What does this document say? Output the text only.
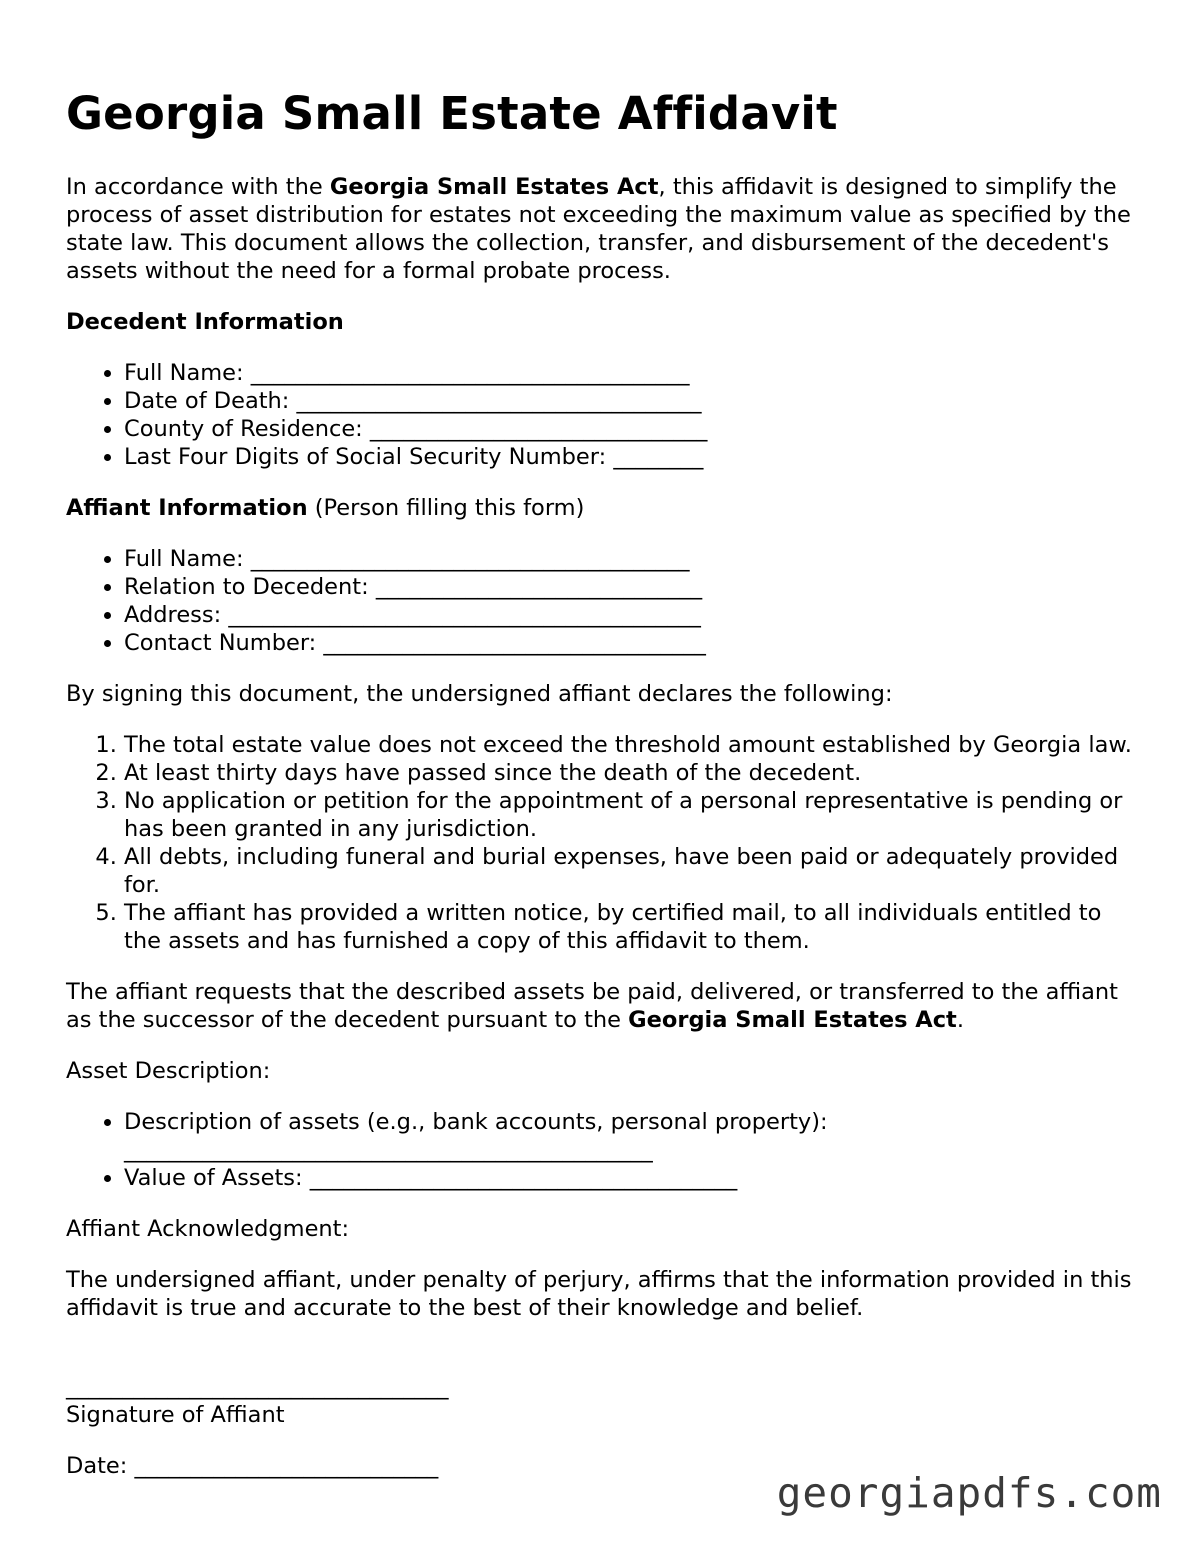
Georgia Small Estate Affidavit

In accordance with the Georgia Small Estates Act, this affidavit is designed to simplify the process of asset distribution for estates not exceeding the maximum value as specified by the state law. This document allows the collection, transfer, and disbursement of the decedent's assets without the need for a formal probate process.

Decedent Information

• Full Name: _______________________________________
• Date of Death: ____________________________________
• County of Residence: ______________________________
• Last Four Digits of Social Security Number: ________

Affiant Information (Person filling this form)

• Full Name: _______________________________________
• Relation to Decedent: _____________________________
• Address: __________________________________________
• Contact Number: __________________________________

By signing this document, the undersigned affiant declares the following:

1. The total estate value does not exceed the threshold amount established by Georgia law.
2. At least thirty days have passed since the death of the decedent.
3. No application or petition for the appointment of a personal representative is pending or has been granted in any jurisdiction.
4. All debts, including funeral and burial expenses, have been paid or adequately provided for.
5. The affiant has provided a written notice, by certified mail, to all individuals entitled to the assets and has furnished a copy of this affidavit to them.

The affiant requests that the described assets be paid, delivered, or transferred to the affiant as the successor of the decedent pursuant to the Georgia Small Estates Act.

Asset Description:

• Description of assets (e.g., bank accounts, personal property): _______________________________________________
• Value of Assets: ______________________________________

Affiant Acknowledgment:

The undersigned affiant, under penalty of perjury, affirms that the information provided in this affidavit is true and accurate to the best of their knowledge and belief.

__________________________________

Signature of Affiant

Date: ___________________________

georgiapdfs.com
